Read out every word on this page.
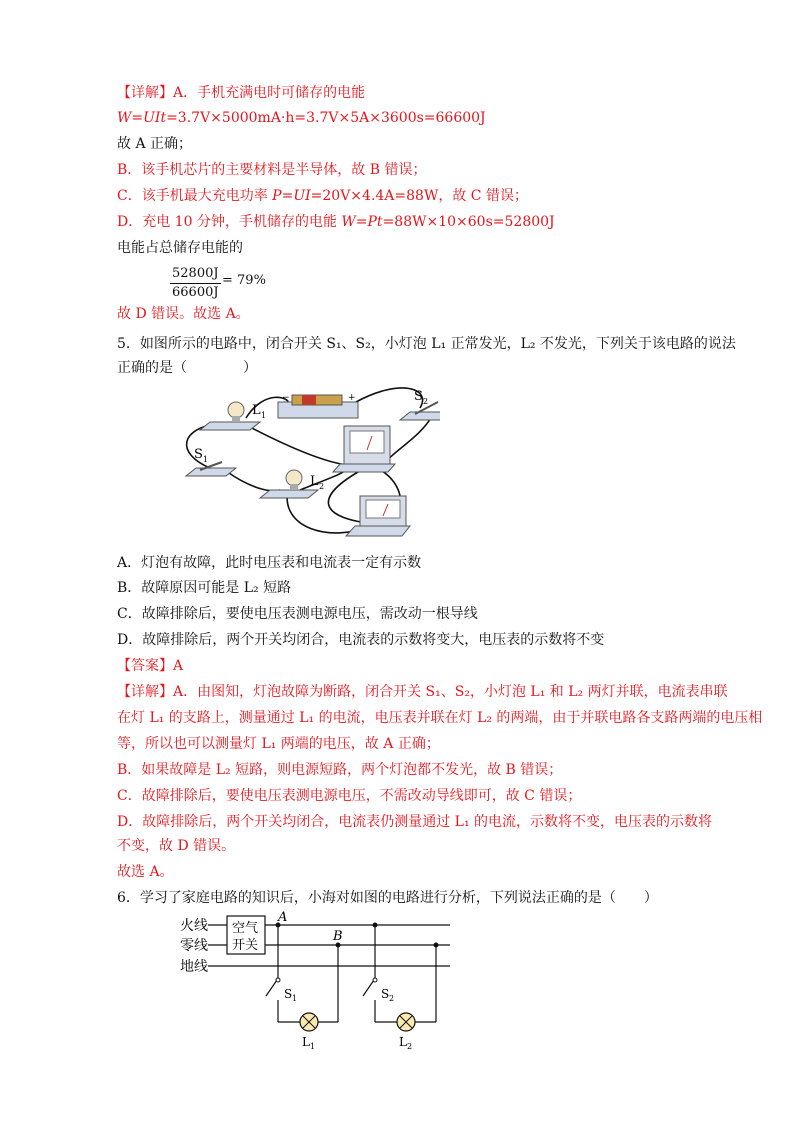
【详解】A．手机充满电时可储存的电能
W=UIt=3.7V×5000mA·h=3.7V×5A×3600s=66600J
故 A 正确；
B．该手机芯片的主要材料是半导体，故 B 错误；
C．该手机最大充电功率 P=UI=20V×4.4A=88W，故 C 错误；
D．充电 10 分钟，手机储存的电能 W=Pt=88W×10×60s=52800J
电能占总储存电能的
$\frac{52800J}{66600J} = 79\%$
故 D 错误。故选 A。
5．如图所示的电路中，闭合开关 S₁、S₂，小灯泡 L₁ 正常发光，L₂ 不发光，下列关于该电路的说法
正确的是（　　　　）
−	+
L 1
S 2
S 1
L 2
A．灯泡有故障，此时电压表和电流表一定有示数
B．故障原因可能是 L₂ 短路
C．故障排除后，要使电压表测电源电压，需改动一根导线
D．故障排除后，两个开关均闭合，电流表的示数将变大，电压表的示数将不变
【答案】A
【详解】A．由图知，灯泡故障为断路，闭合开关 S₁、S₂，小灯泡 L₁ 和 L₂ 两灯并联，电流表串联
在灯 L₁ 的支路上，测量通过 L₁ 的电流，电压表并联在灯 L₂ 的两端，由于并联电路各支路两端的电压相
等，所以也可以测量灯 L₁ 两端的电压，故 A 正确；
B．如果故障是 L₂ 短路，则电源短路，两个灯泡都不发光，故 B 错误；
C．故障排除后，要使电压表测电源电压，不需改动导线即可，故 C 错误；
D．故障排除后，两个开关均闭合，电流表仍测量通过 L₁ 的电流，示数将不变，电压表的示数将
不变，故 D 错误。
故选 A。
6．学习了家庭电路的知识后，小海对如图的电路进行分析，下列说法正确的是（　　）
火线
零线
地线
空气
开关
A
B
S 1	S 2
L 1	L 2
